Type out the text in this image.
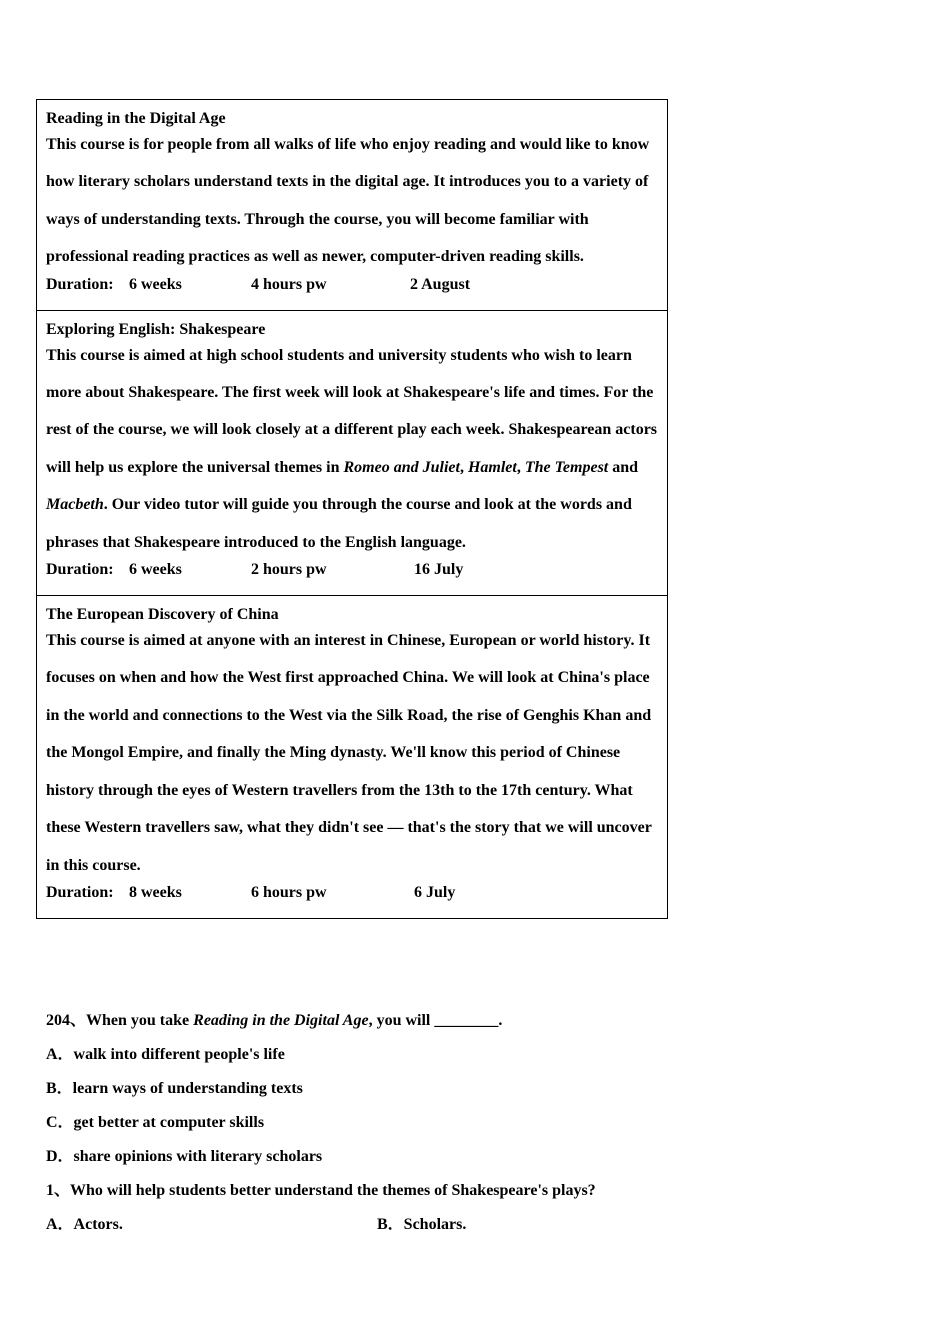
Reading in the Digital Age
This course is for people from all walks of life who enjoy reading and would like to know how literary scholars understand texts in the digital age. It introduces you to a variety of ways of understanding texts. Through the course, you will become familiar with professional reading practices as well as newer, computer-driven reading skills.
Duration: 6 weeks	4 hours pw	2 August
Exploring English: Shakespeare
This course is aimed at high school students and university students who wish to learn more about Shakespeare. The first week will look at Shakespeare's life and times. For the rest of the course, we will look closely at a different play each week. Shakespearean actors will help us explore the universal themes in Romeo and Juliet, Hamlet, The Tempest and Macbeth. Our video tutor will guide you through the course and look at the words and phrases that Shakespeare introduced to the English language.
Duration: 6 weeks	2 hours pw	16 July
The European Discovery of China
This course is aimed at anyone with an interest in Chinese, European or world history. It focuses on when and how the West first approached China. We will look at China's place in the world and connections to the West via the Silk Road, the rise of Genghis Khan and the Mongol Empire, and finally the Ming dynasty. We'll know this period of Chinese history through the eyes of Western travellers from the 13th to the 17th century. What these Western travellers saw, what they didn't see — that's the story that we will uncover in this course.
Duration: 8 weeks	6 hours pw	6 July
204、When you take Reading in the Digital Age, you will ________.
A．walk into different people's life
B．learn ways of understanding texts
C．get better at computer skills
D．share opinions with literary scholars
1、Who will help students better understand the themes of Shakespeare's plays?
A．Actors.	B．Scholars.
